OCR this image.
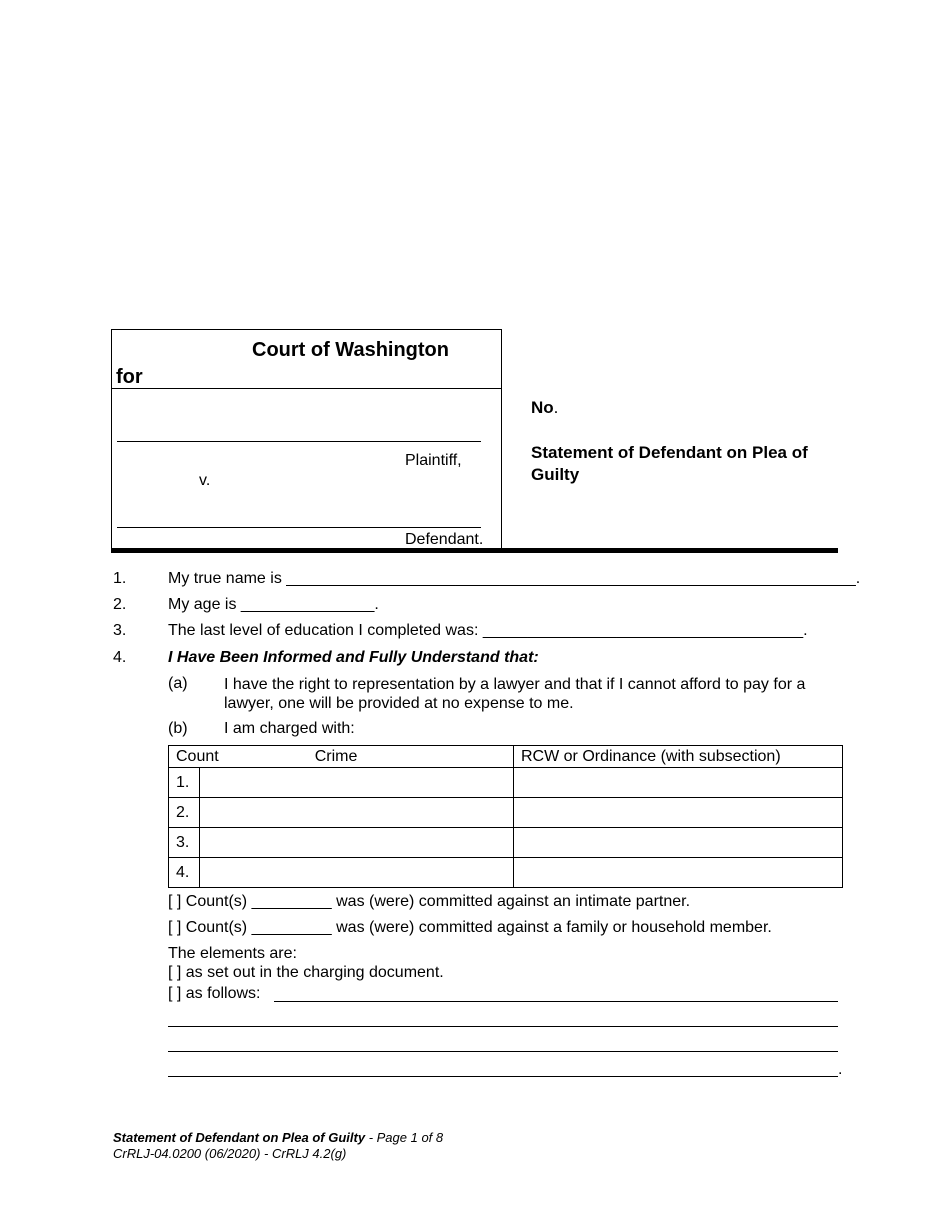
Court of Washington
for
Plaintiff,
v.
Defendant.
No.
Statement of Defendant on Plea of Guilty
1.	My true name is ________________________________________________________________.
2.	My age is _______________.
3.	The last level of education I completed was: ____________________________________.
4.	I Have Been Informed and Fully Understand that:
(a) I have the right to representation by a lawyer and that if I cannot afford to pay for a lawyer, one will be provided at no expense to me.
(b) I am charged with:
Count Crime		RCW or Ordinance (with subsection)
1.		
2.		
3.		
4.		
[ ] Count(s) _________ was (were) committed against an intimate partner.
[ ] Count(s) _________ was (were) committed against a family or household member.
The elements are:
[ ] as set out in the charging document.
[ ] as follows:
.
Statement of Defendant on Plea of Guilty - Page 1 of 8
CrRLJ-04.0200 (06/2020) - CrRLJ 4.2(g)
